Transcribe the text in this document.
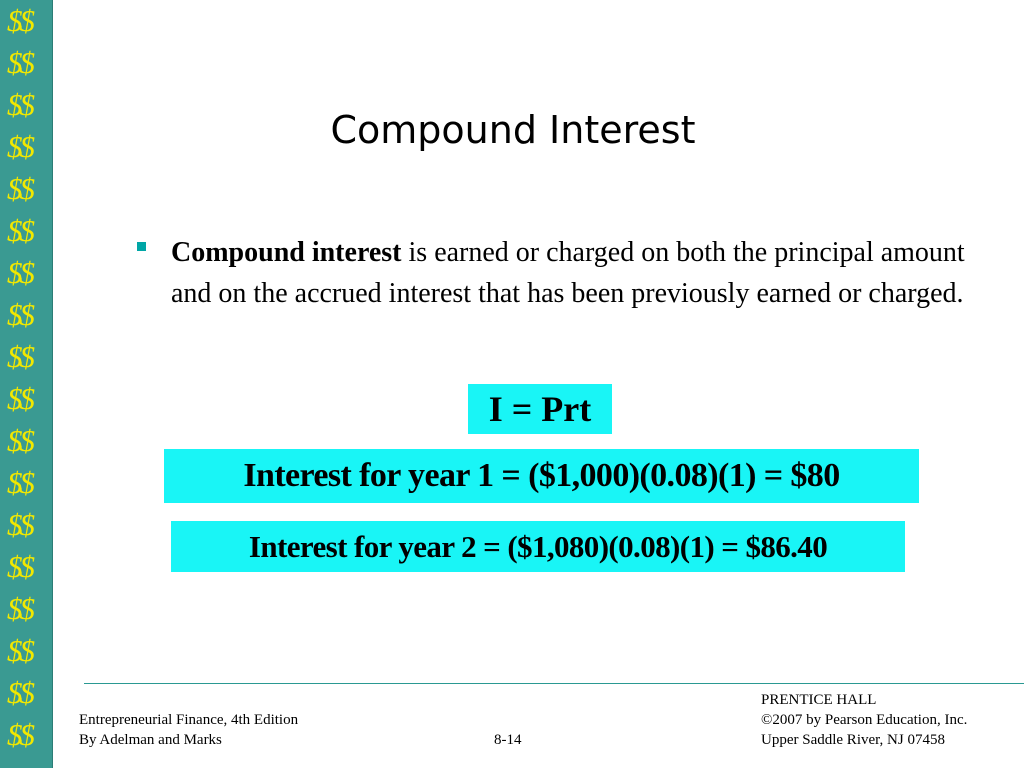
$$
$$
$$
$$
$$
$$
$$
$$
$$
$$
$$
$$
$$
$$
$$
$$
$$
$$
Compound Interest

Compound interest is earned or charged on both the principal amount and on the accrued interest that has been previously earned or charged.

I = Prt
Interest for year 1 = ($1,000)(0.08)(1) = $80
Interest for year 2 = ($1,080)(0.08)(1) = $86.40
Entrepreneurial Finance, 4th Edition
By Adelman and Marks	8-14
PRENTICE HALL
©2007 by Pearson Education, Inc.
Upper Saddle River, NJ 07458
